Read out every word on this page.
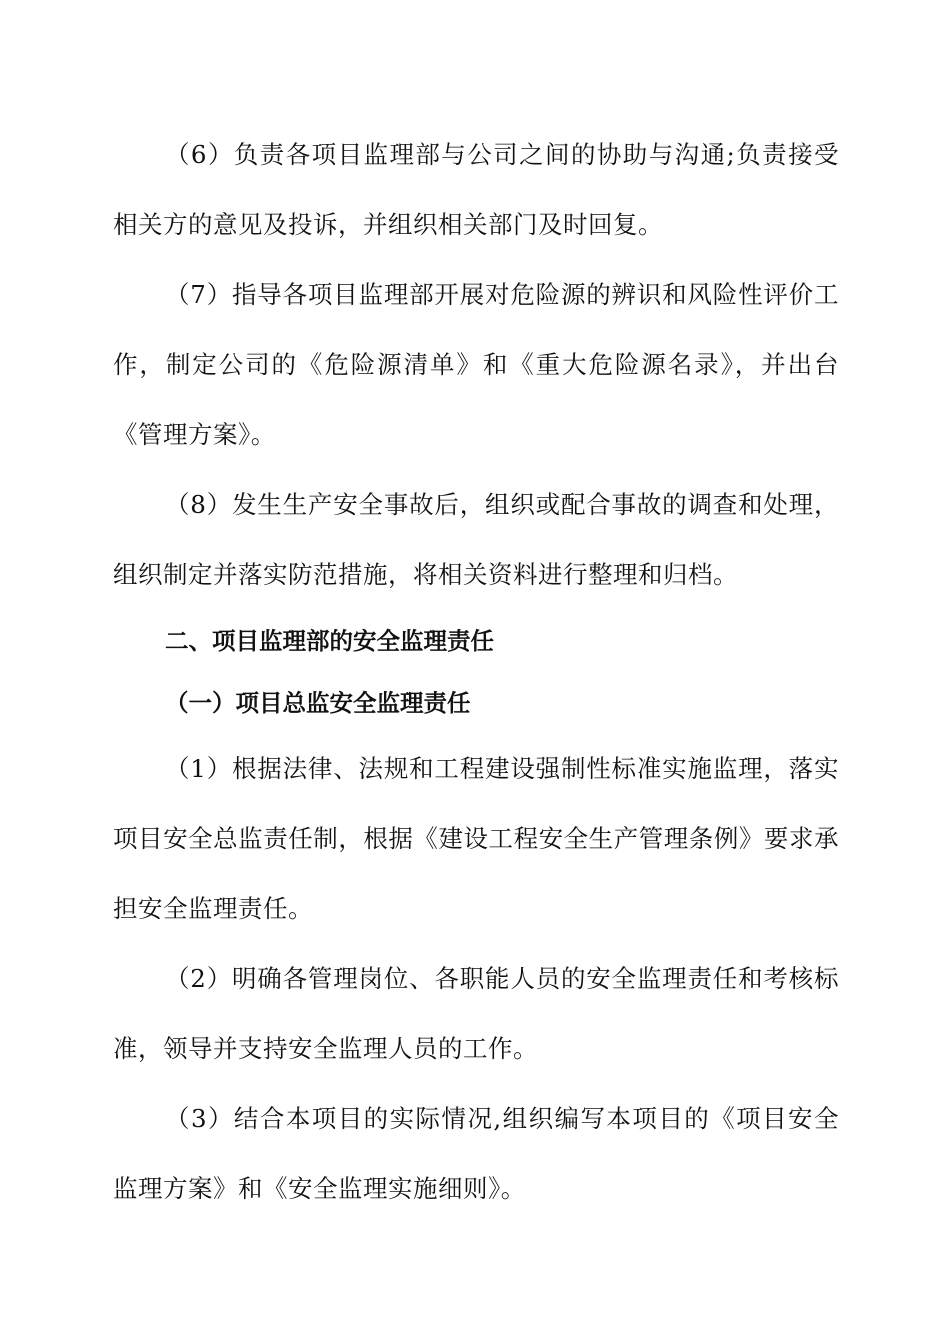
（6）负责各项目监理部与公司之间的协助与沟通;负责接受相关方的意见及投诉，并组织相关部门及时回复。

（7）指导各项目监理部开展对危险源的辨识和风险性评价工作，制定公司的《危险源清单》和《重大危险源名录》，并出台《管理方案》。

（8）发生生产安全事故后，组织或配合事故的调查和处理，组织制定并落实防范措施，将相关资料进行整理和归档。

二、项目监理部的安全监理责任

（一）项目总监安全监理责任

（1）根据法律、法规和工程建设强制性标准实施监理，落实项目安全总监责任制，根据《建设工程安全生产管理条例》要求承担安全监理责任。

（2）明确各管理岗位、各职能人员的安全监理责任和考核标准，领导并支持安全监理人员的工作。

（3）结合本项目的实际情况,组织编写本项目的《项目安全监理方案》和《安全监理实施细则》。
